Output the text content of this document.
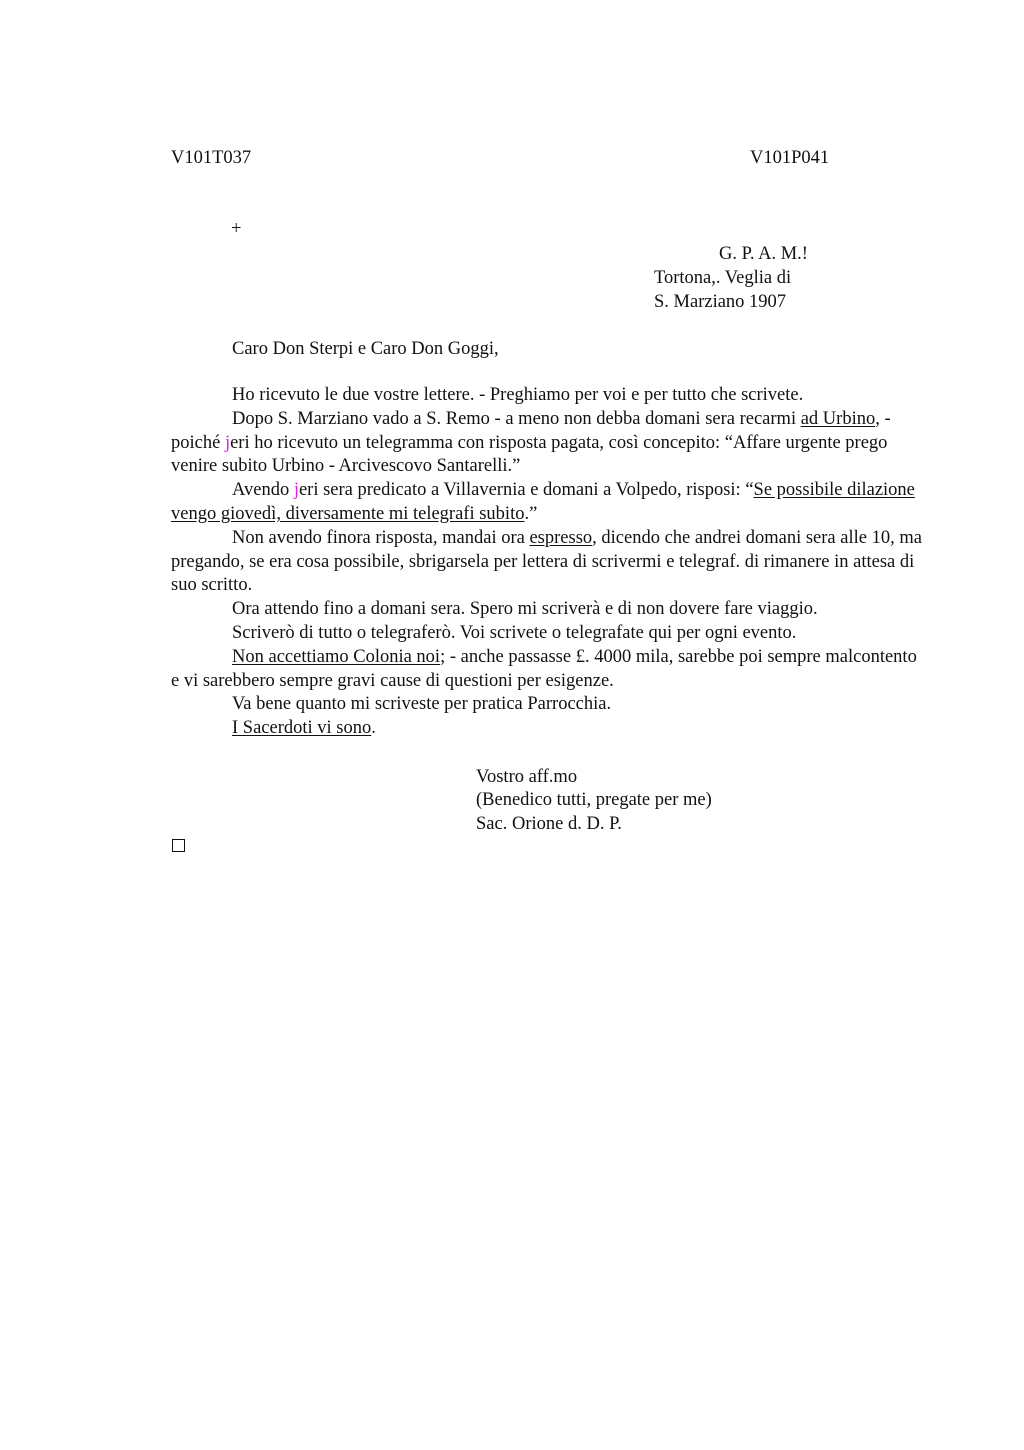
V101T037	V101P041
+
G. P. A. M.!
Tortona,. Veglia di
S. Marziano 1907
Caro Don Sterpi e Caro Don Goggi,

Ho ricevuto le due vostre lettere. - Preghiamo per voi e per tutto che scrivete.

Dopo S. Marziano vado a S. Remo - a meno non debba domani sera recarmi ad Urbino, - poiché jeri ho ricevuto un telegramma con risposta pagata, così concepito: “Affare urgente prego venire subito Urbino - Arcivescovo Santarelli.”

Avendo jeri sera predicato a Villavernia e domani a Volpedo, risposi: “Se possibile dilazione vengo giovedì, diversamente mi telegrafi subito.”

Non avendo finora risposta, mandai ora espresso, dicendo che andrei domani sera alle 10, ma pregando, se era cosa possibile, sbrigarsela per lettera di scrivermi e telegraf. di rimanere in attesa di suo scritto.

Ora attendo fino a domani sera. Spero mi scriverà e di non dovere fare viaggio.

Scriverò di tutto o telegraferò. Voi scrivete o telegrafate qui per ogni evento.

Non accettiamo Colonia noi; - anche passasse £. 4000 mila, sarebbe poi sempre malcontento e vi sarebbero sempre gravi cause di questioni per esigenze.

Va bene quanto mi scriveste per pratica Parrocchia.

I Sacerdoti vi sono.

Vostro aff.mo
(Benedico tutti, pregate per me)
Sac. Orione d. D. P.
